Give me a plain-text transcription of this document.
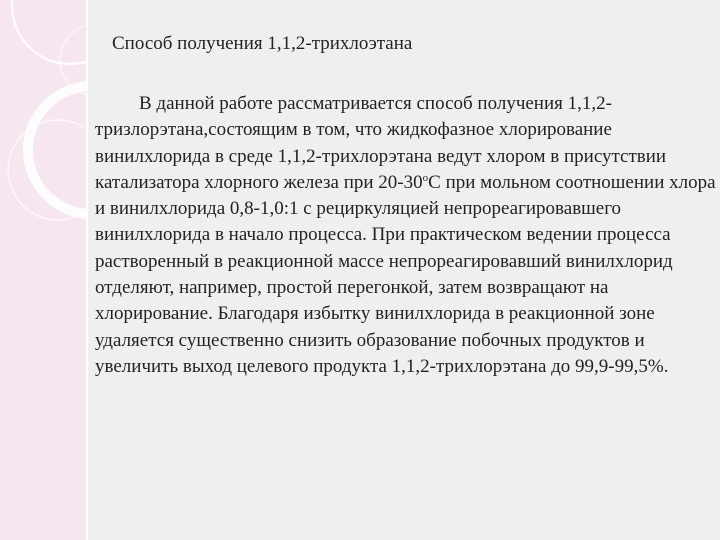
Способ получения 1,1,2-трихлоэтана

В данной работе рассматривается способ получения 1,1,2-тризлорэтана,состоящим в том, что жидкофазное хлорирование винилхлорида в среде 1,1,2-трихлорэтана ведут хлором в присутствии катализатора хлорного железа при $20-30^оС$ при мольном соотношении хлора и винилхлорида 0,8-1,0:1 с рециркуляцией непрореагировавшего винилхлорида в начало процесса. При практическом ведении процесса растворенный в реакционной массе непрореагировавший винилхлорид отделяют, например, простой перегонкой, затем возвращают на хлорирование. Благодаря избытку винилхлорида в реакционной зоне удаляется существенно снизить образование побочных продуктов и увеличить выход целевого продукта 1,1,2-трихлорэтана до 99,9-99,5%.
